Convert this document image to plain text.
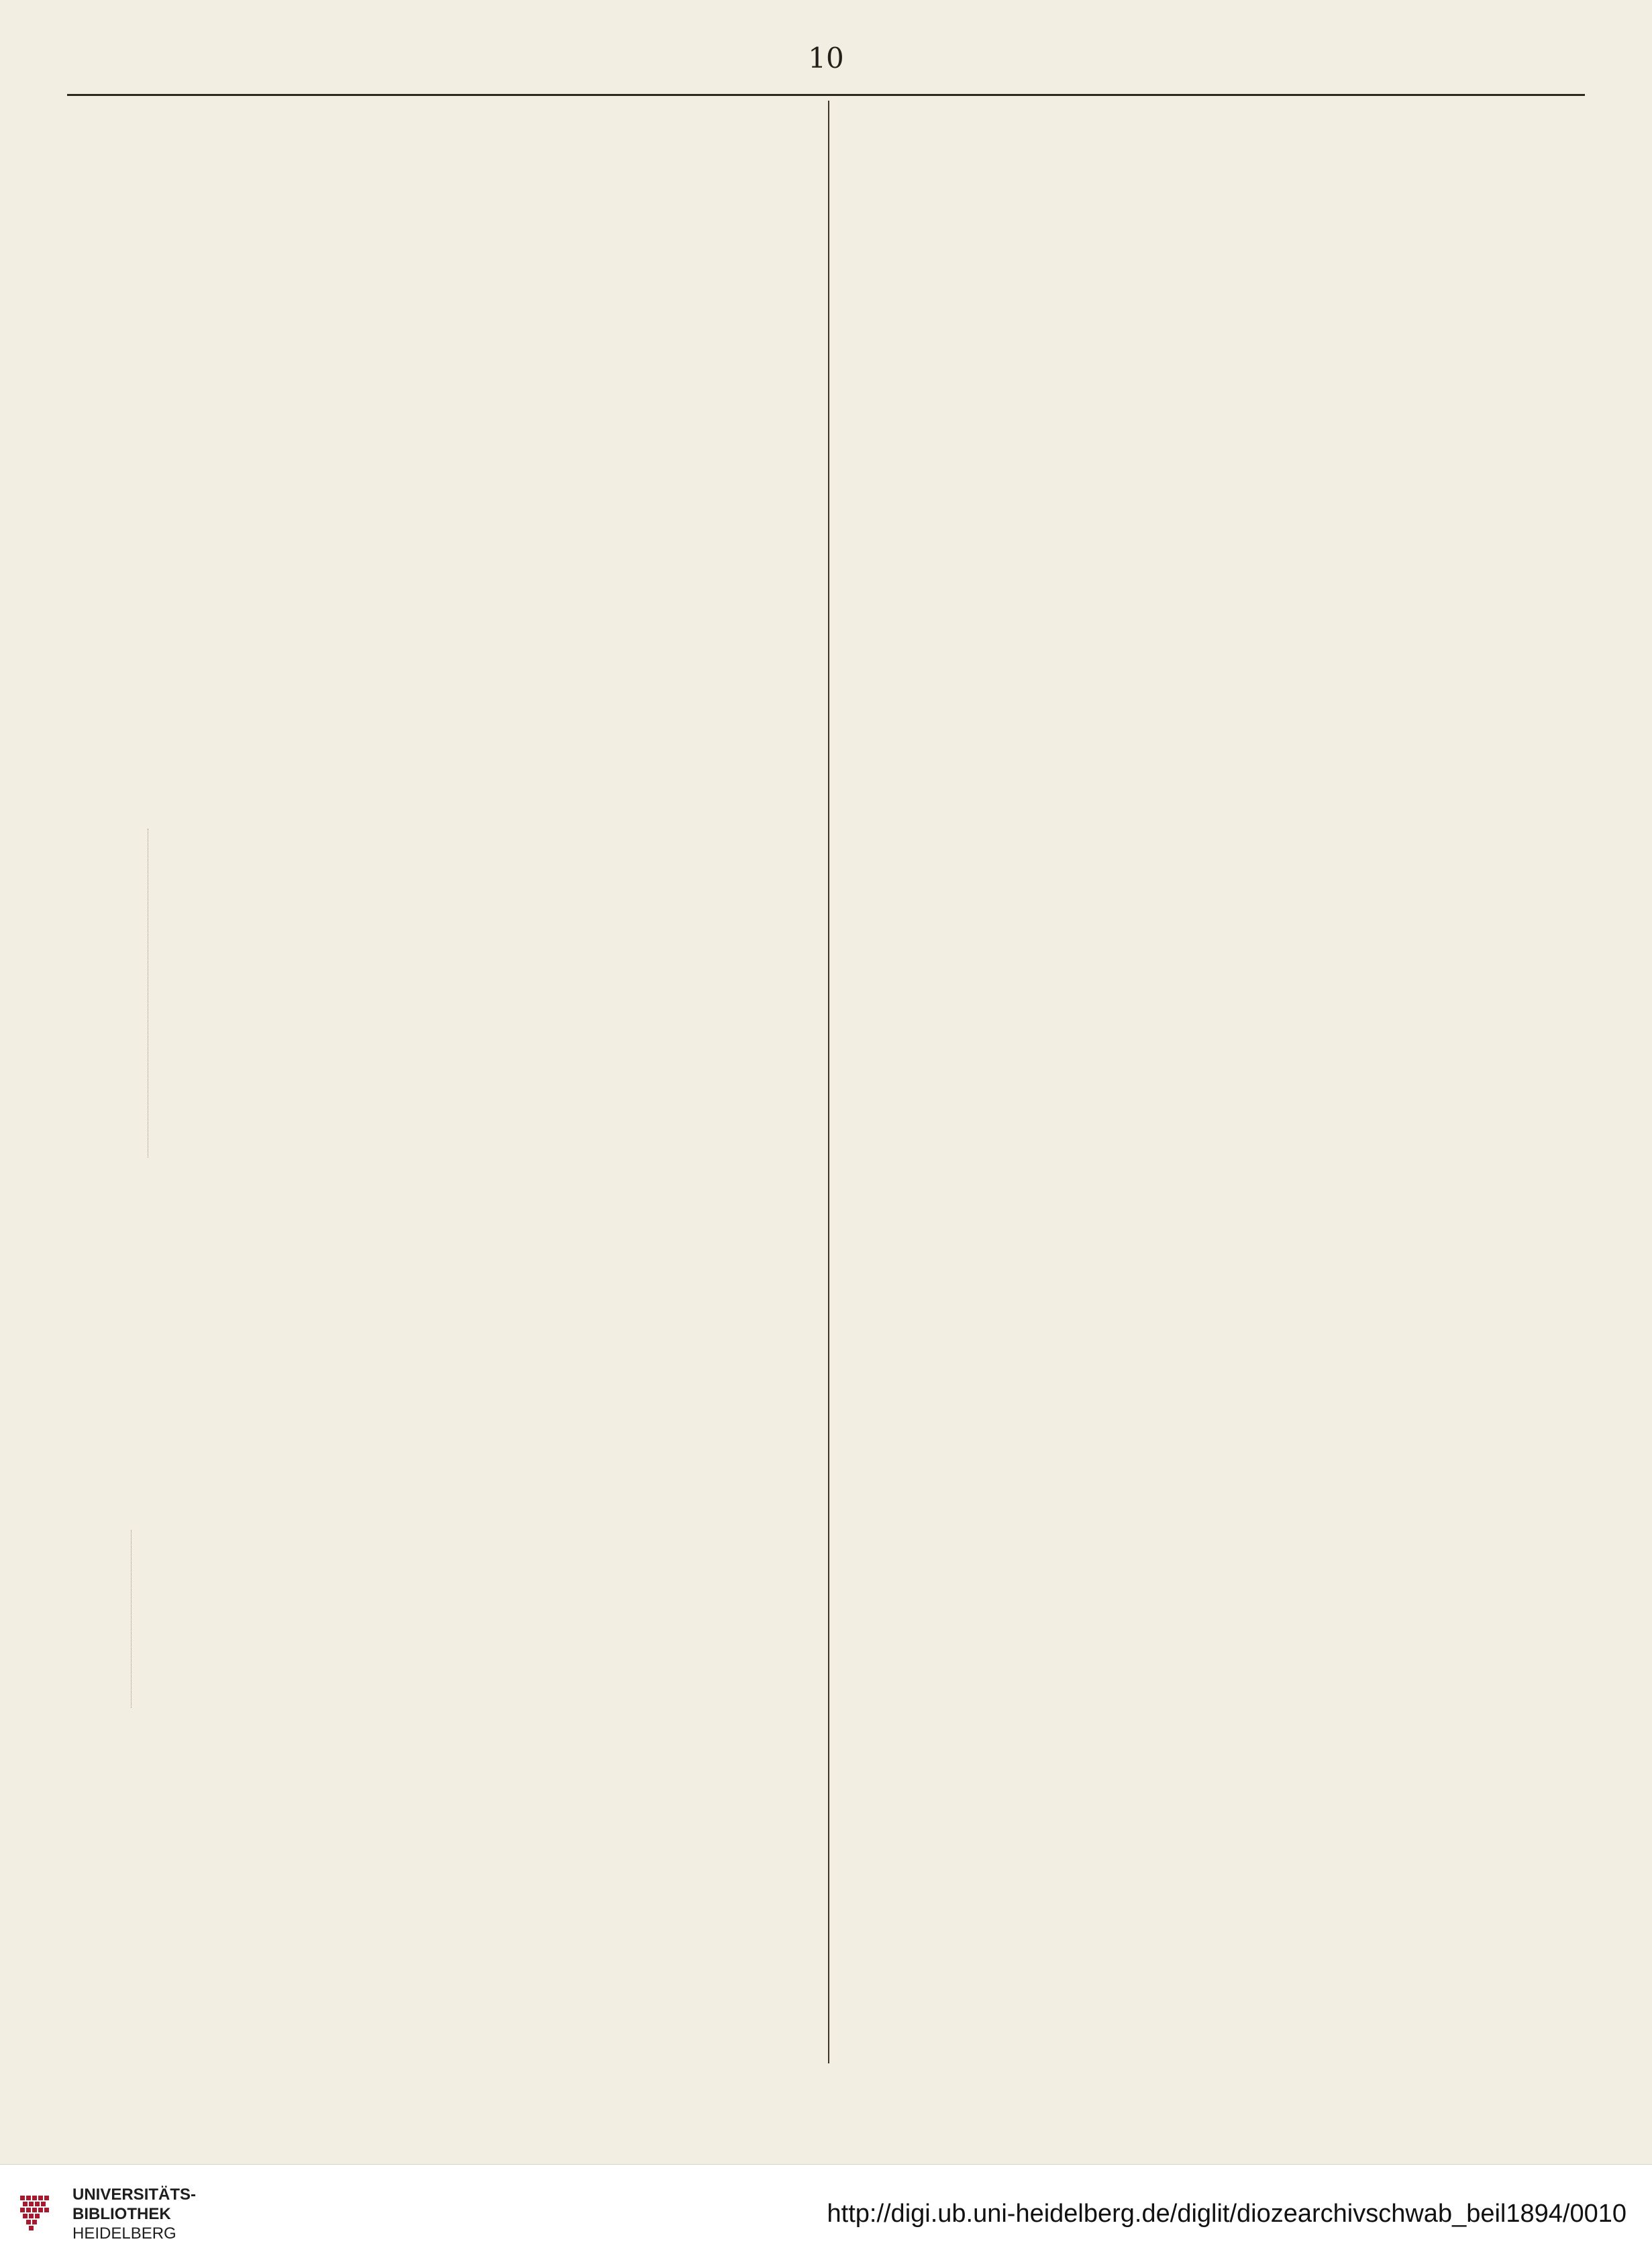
10
UNIVERSITÄTS-
BIBLIOTHEK
HEIDELBERG
http://digi.ub.uni-heidelberg.de/diglit/diozearchivschwab_beil1894/0010
